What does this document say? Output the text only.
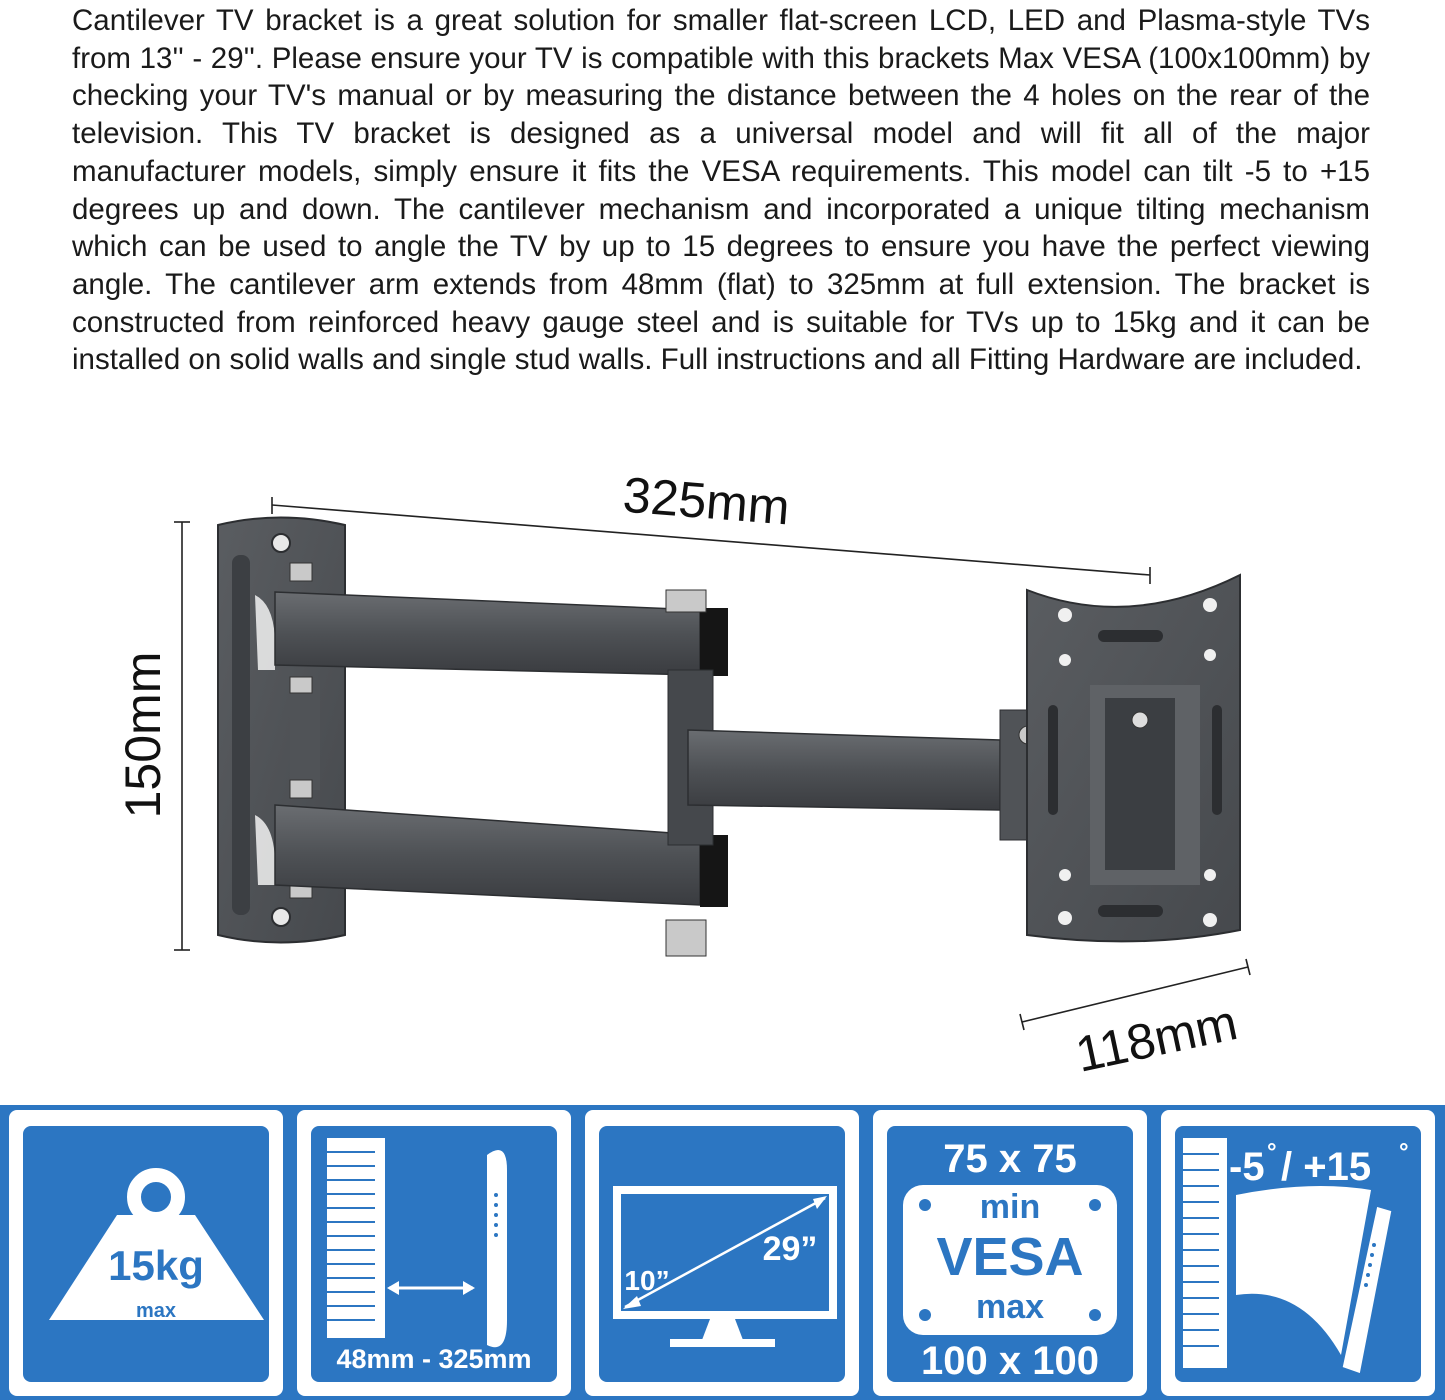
Cantilever TV bracket is a great solution for smaller flat-screen LCD, LED and Plasma-style TVs from 13'' - 29''. Please ensure your TV is compatible with this brackets Max VESA (100x100mm) by checking your TV's manual or by measuring the distance between the 4 holes on the rear of the television. This TV bracket is designed as a universal model and will fit all of the major manufacturer models, simply ensure it fits the VESA requirements. This model can tilt -5 to +15 degrees up and down. The cantilever mechanism and incorporated a unique tilting mechanism which can be used to angle the TV by up to 15 degrees to ensure you have the perfect viewing angle. The cantilever arm extends from 48mm (flat) to 325mm at full extension. The bracket is constructed from reinforced heavy gauge steel and is suitable for TVs up to 15kg and it can be installed on solid walls and single stud walls. Full instructions and all Fitting Hardware are included.

325mm
150mm
118mm
15kg
max
48mm - 325mm
10”
29”
75 x 75
min
VESA
max
100 x 100
-5 ° / +15 °
